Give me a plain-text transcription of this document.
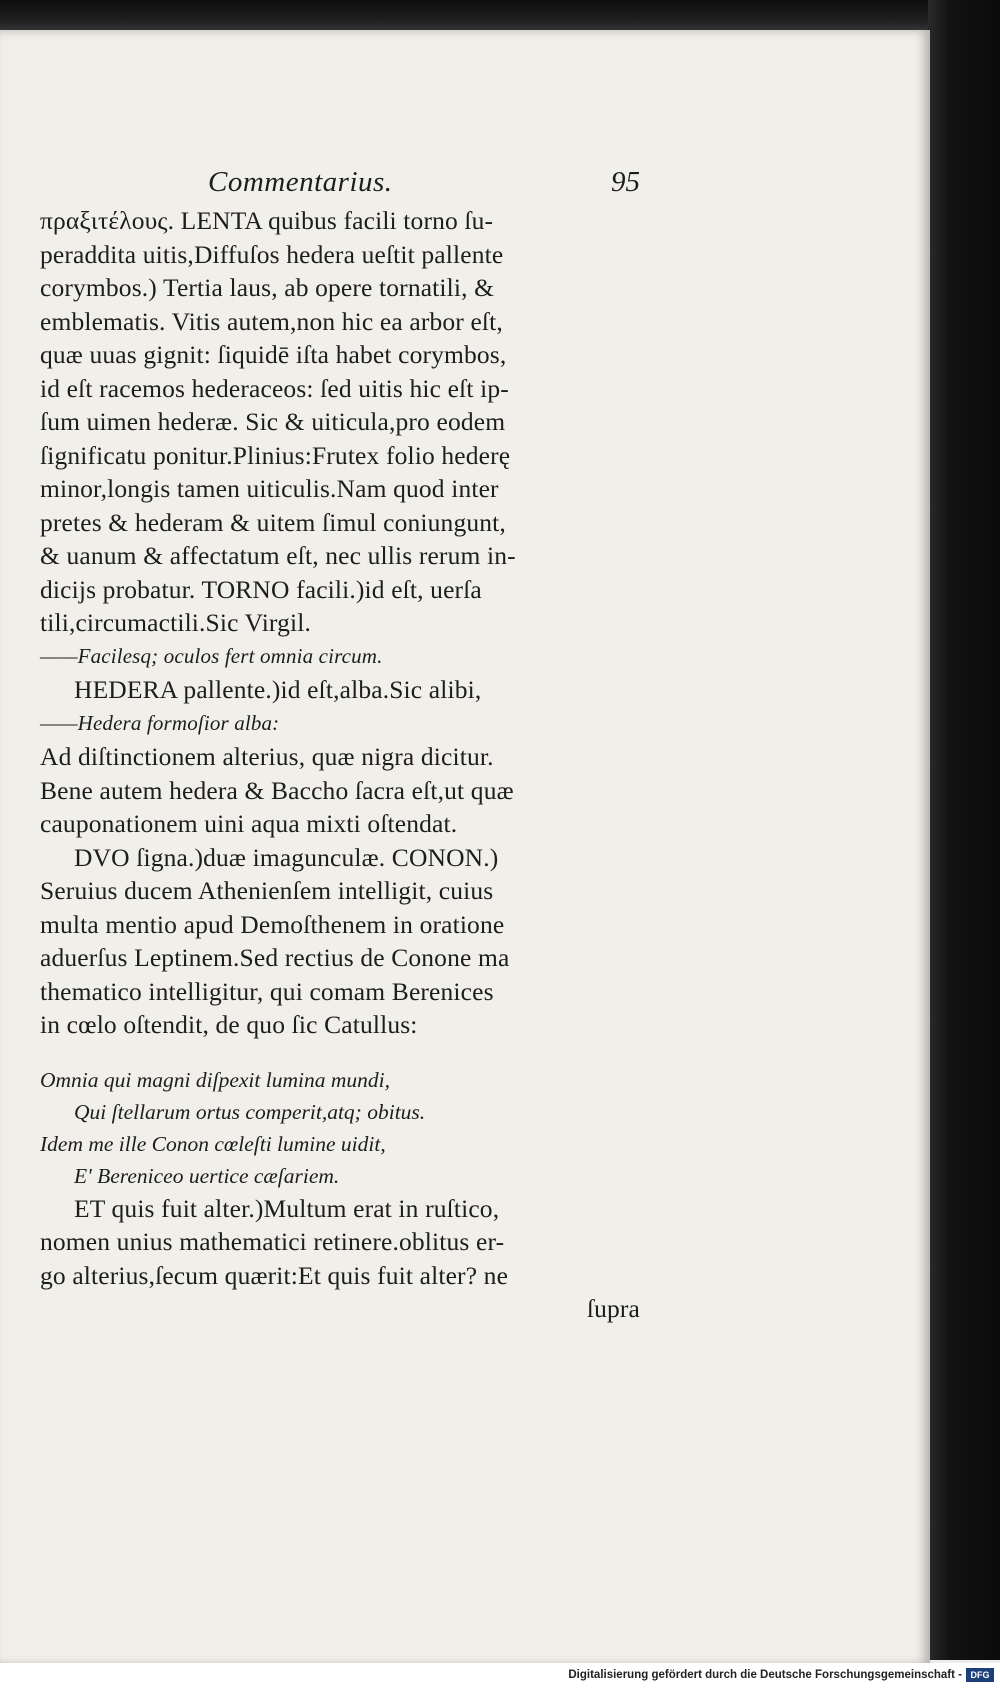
Commentarius.	95
πραξιτέλους. LENTA quibus facili torno ſu-
peraddita uitis,Diffuſos hedera ueſtit pallente
corymbos.) Tertia laus, ab opere tornatili, &
emblematis. Vitis autem,non hic ea arbor eſt,
quæ uuas gignit: ſiquidē iſta habet corymbos,
id eſt racemos hederaceos: ſed uitis hic eſt ip-
ſum uimen hederæ. Sic & uiticula,pro eodem
ſignificatu ponitur.Plinius:Frutex folio hederę
minor,longis tamen uiticulis.Nam quod inter
pretes & hederam & uitem ſimul coniungunt,
& uanum & affectatum eſt, nec ullis rerum in-
dicijs probatur. TORNO facili.)id eſt, uerſa
tili,circumactili.Sic Virgil.
——Facilesq; oculos fert omnia circum.
HEDERA pallente.)id eſt,alba.Sic alibi,
——Hedera formoſior alba:
Ad diſtinctionem alterius, quæ nigra dicitur.
Bene autem hedera & Baccho ſacra eſt,ut quæ
cauponationem uini aqua mixti oſtendat.
DVO ſigna.)duæ imagunculæ. CONON.)
Seruius ducem Athenienſem intelligit, cuius
multa mentio apud Demoſthenem in oratione
aduerſus Leptinem.Sed rectius de Conone ma
thematico intelligitur, qui comam Berenices
in cœlo oſtendit, de quo ſic Catullus:
Omnia qui magni diſpexit lumina mundi,
Qui ſtellarum ortus comperit,atq; obitus.
Idem me ille Conon cœleſti lumine uidit,
E' Bereniceo uertice cæſariem.
ET quis fuit alter.)Multum erat in ruſtico,
nomen unius mathematici retinere.oblitus er-
go alterius,ſecum quærit:Et quis fuit alter? ne
ſupra
Digitalisierung gefördert durch die Deutsche Forschungsgemeinschaft - DFG
